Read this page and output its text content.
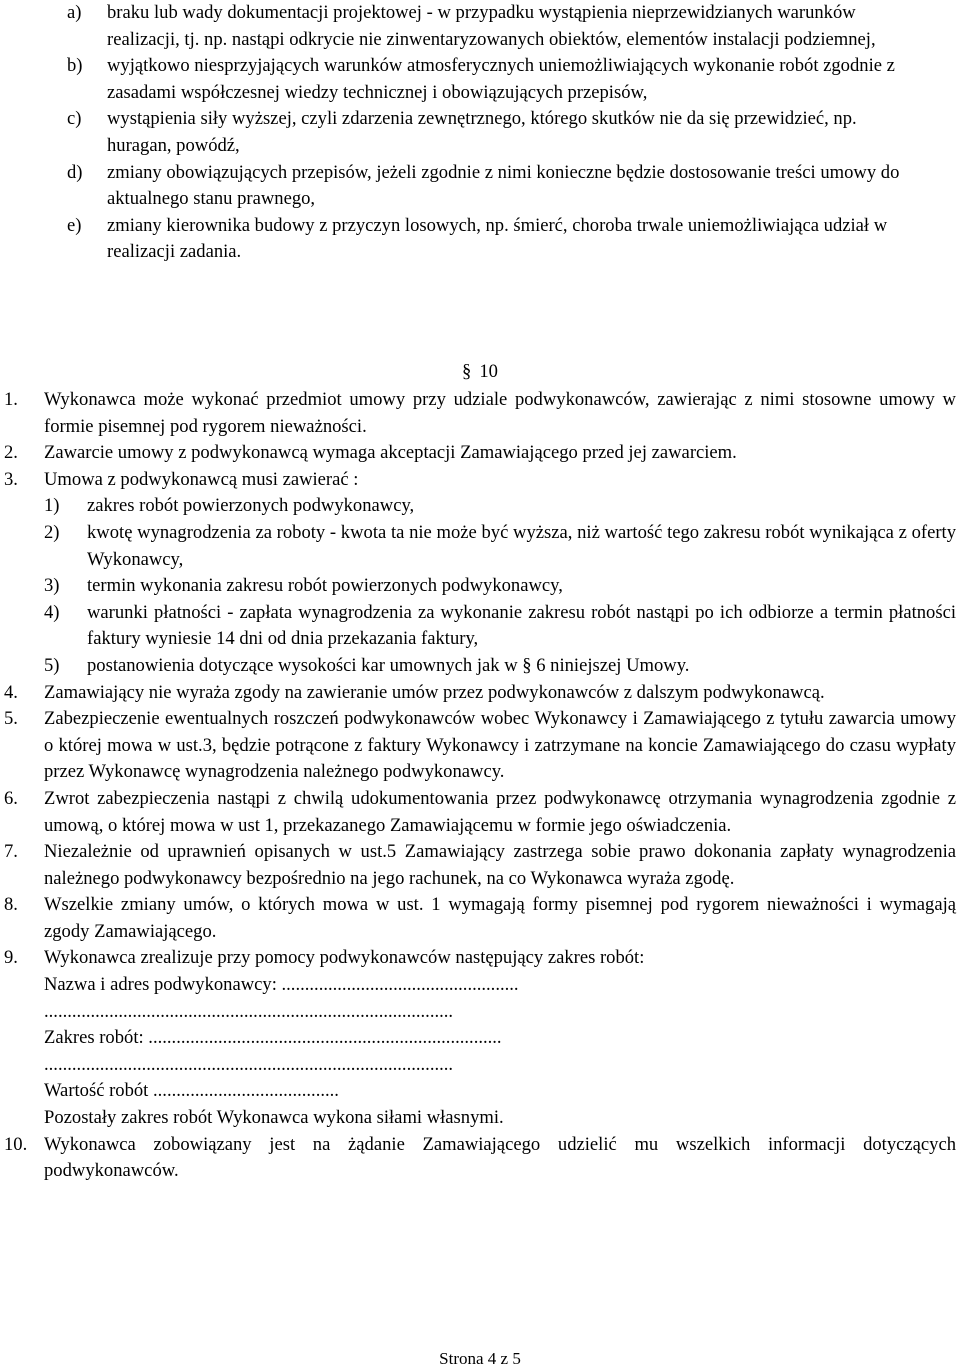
a) braku lub wady dokumentacji projektowej - w przypadku wystąpienia nieprzewidzianych warunków realizacji, tj. np. nastąpi odkrycie nie zinwentaryzowanych obiektów, elementów instalacji podziemnej,

b) wyjątkowo niesprzyjających warunków atmosferycznych uniemożliwiających wykonanie robót zgodnie z zasadami współczesnej wiedzy technicznej i obowiązujących przepisów,

c) wystąpienia siły wyższej, czyli zdarzenia zewnętrznego, którego skutków nie da się przewidzieć, np. huragan, powódź,

d) zmiany obowiązujących przepisów, jeżeli zgodnie z nimi konieczne będzie dostosowanie treści umowy do aktualnego stanu prawnego,

e) zmiany kierownika budowy z przyczyn losowych, np. śmierć, choroba trwale uniemożliwiająca udział w realizacji zadania.

§ 10

1. Wykonawca może wykonać przedmiot umowy przy udziale podwykonawców, zawierając z nimi stosowne umowy w formie pisemnej pod rygorem nieważności.

2. Zawarcie umowy z podwykonawcą wymaga akceptacji Zamawiającego przed jej zawarciem.

3. Umowa z podwykonawcą musi zawierać :

1) zakres robót powierzonych podwykonawcy,

2) kwotę wynagrodzenia za roboty - kwota ta nie może być wyższa, niż wartość tego zakresu robót wynikająca z oferty Wykonawcy,

3) termin wykonania zakresu robót powierzonych podwykonawcy,

4) warunki płatności - zapłata wynagrodzenia za wykonanie zakresu robót nastąpi po ich odbiorze a termin płatności faktury wyniesie 14 dni od dnia przekazania faktury,

5) postanowienia dotyczące wysokości kar umownych jak w § 6 niniejszej Umowy.

4. Zamawiający nie wyraża zgody na zawieranie umów przez podwykonawców z dalszym podwykonawcą.

5. Zabezpieczenie ewentualnych roszczeń podwykonawców wobec Wykonawcy i Zamawiającego z tytułu zawarcia umowy o której mowa w ust.3, będzie potrącone z faktury Wykonawcy i zatrzymane na koncie Zamawiającego do czasu wypłaty przez Wykonawcę wynagrodzenia należnego podwykonawcy.

6. Zwrot zabezpieczenia nastąpi z chwilą udokumentowania przez podwykonawcę otrzymania wynagrodzenia zgodnie z umową, o której mowa w ust 1, przekazanego Zamawiającemu w formie jego oświadczenia.

7. Niezależnie od uprawnień opisanych w ust.5 Zamawiający zastrzega sobie prawo dokonania zapłaty wynagrodzenia należnego podwykonawcy bezpośrednio na jego rachunek, na co Wykonawca wyraża zgodę.

8. Wszelkie zmiany umów, o których mowa w ust. 1 wymagają formy pisemnej pod rygorem nieważności i wymagają zgody Zamawiającego.

9. Wykonawca zrealizuje przy pomocy podwykonawców następujący zakres robót:

Nazwa i adres podwykonawcy: ...................................................

........................................................................................

Zakres robót: ............................................................................

........................................................................................

Wartość robót ........................................

Pozostały zakres robót Wykonawca wykona siłami własnymi.

10. Wykonawca zobowiązany jest na żądanie Zamawiającego udzielić mu wszelkich informacji dotyczących podwykonawców.

Strona 4 z 5
